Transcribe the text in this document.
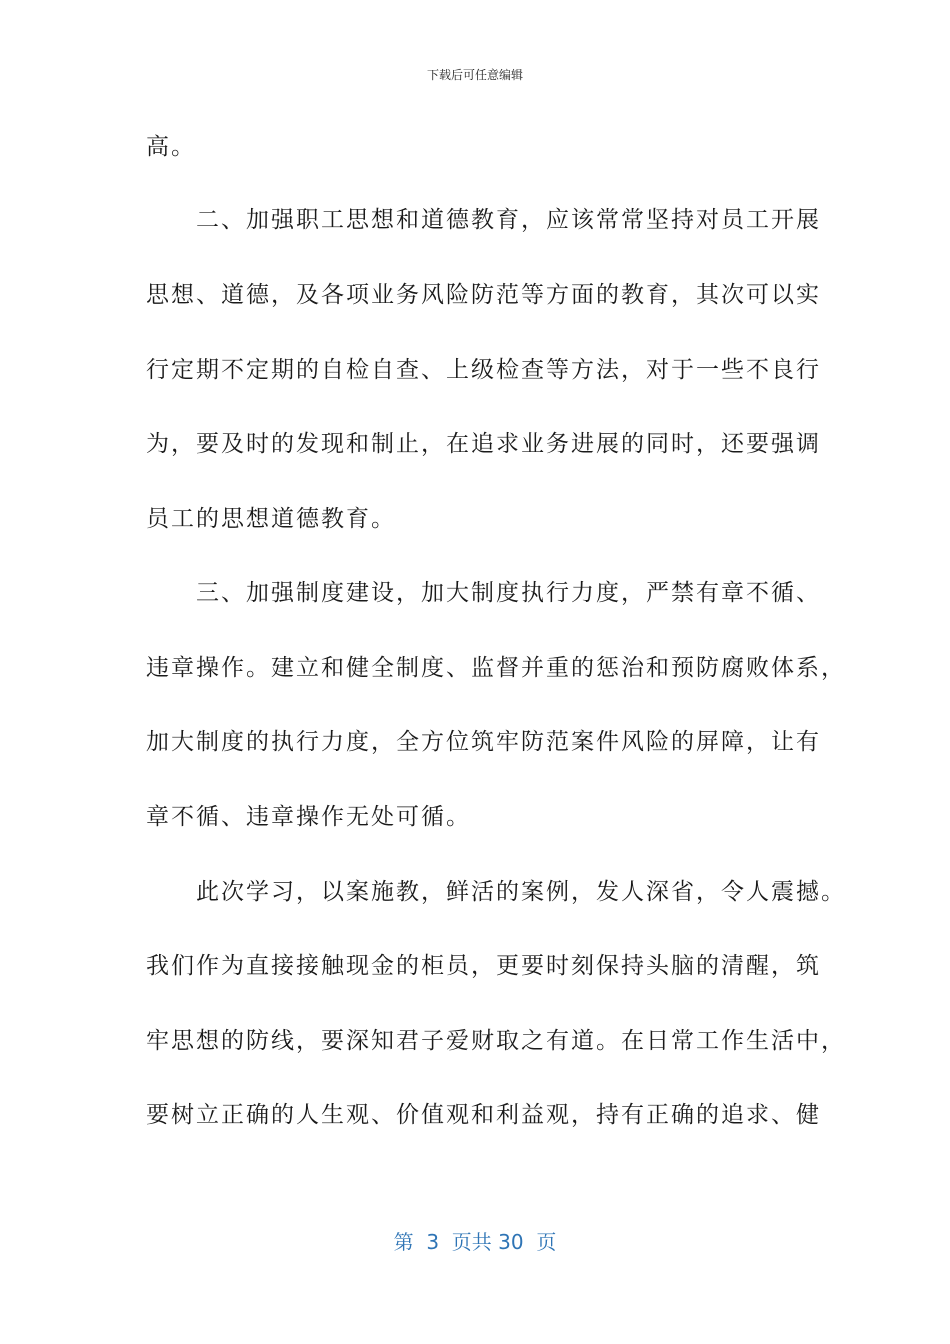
下载后可任意编辑
高。
　　二、加强职工思想和道德教育，应该常常坚持对员工开展
思想、道德，及各项业务风险防范等方面的教育，其次可以实
行定期不定期的自检自查、上级检查等方法，对于一些不良行
为，要及时的发现和制止，在追求业务进展的同时，还要强调
员工的思想道德教育。
　　三、加强制度建设，加大制度执行力度，严禁有章不循、
违章操作。建立和健全制度、监督并重的惩治和预防腐败体系，
加大制度的执行力度，全方位筑牢防范案件风险的屏障，让有
章不循、违章操作无处可循。
　　此次学习，以案施教，鲜活的案例，发人深省，令人震撼。
我们作为直接接触现金的柜员，更要时刻保持头脑的清醒，筑
牢思想的防线，要深知君子爱财取之有道。在日常工作生活中，
要树立正确的人生观、价值观和利益观，持有正确的追求、健
第  3  页共 30  页
